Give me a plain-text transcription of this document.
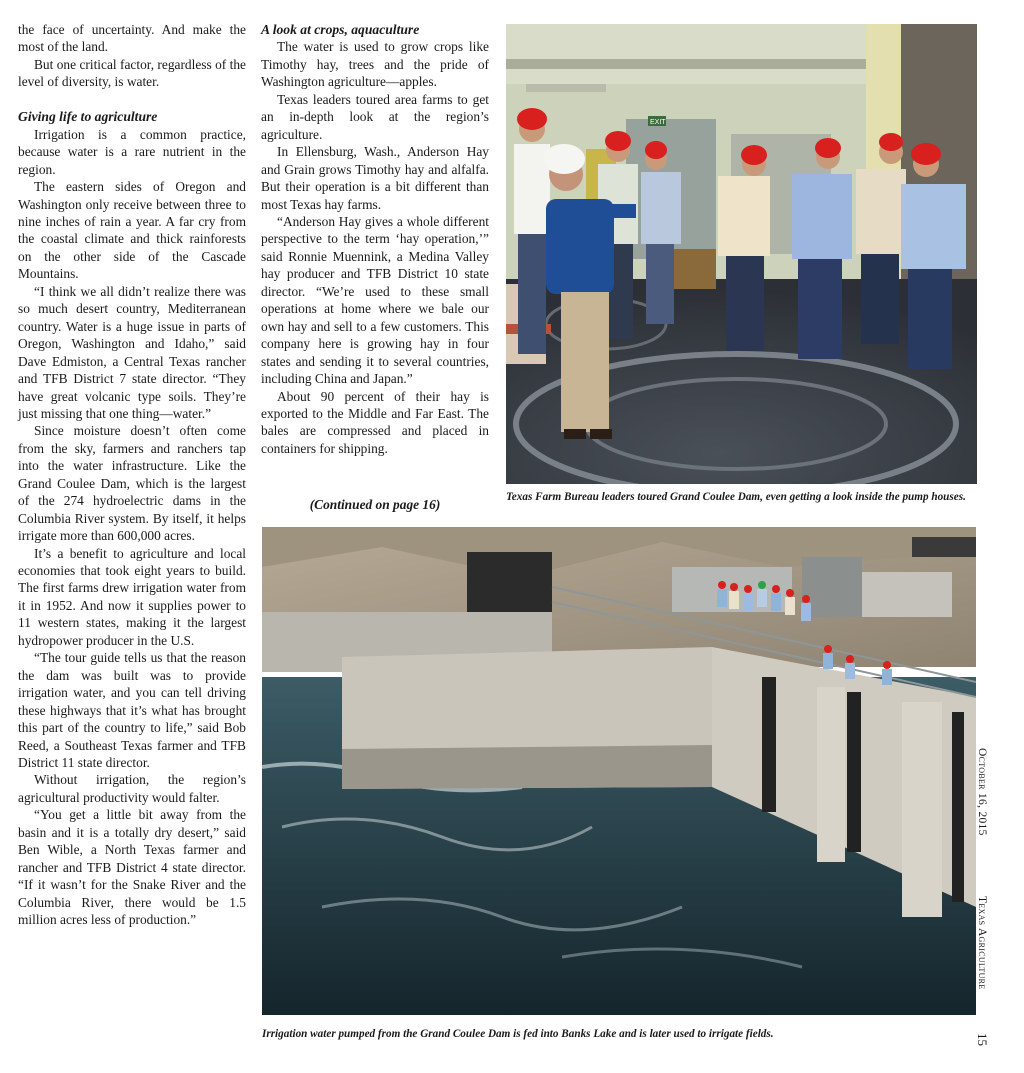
the face of uncertainty. And make the most of the land.

But one critical factor, regardless of the level of diversity, is water.

Giving life to agriculture

Irrigation is a common practice, because water is a rare nutrient in the region.

The eastern sides of Oregon and Washington only receive between three to nine inches of rain a year. A far cry from the coastal climate and thick rainforests on the other side of the Cascade Mountains.

“I think we all didn’t realize there was so much desert country, Mediterranean country. Water is a huge issue in parts of Oregon, Washington and Idaho,” said Dave Edmiston, a Central Texas rancher and TFB District 7 state director. “They have great volcanic type soils. They’re just missing that one thing—water.”

Since moisture doesn’t often come from the sky, farmers and ranchers tap into the water infrastructure. Like the Grand Coulee Dam, which is the largest of the 274 hydroelectric dams in the Columbia River system. By itself, it helps irrigate more than 600,000 acres.

It’s a benefit to agriculture and local economies that took eight years to build. The first farms drew irrigation water from it in 1952. And now it supplies power to 11 western states, making it the largest hydropower producer in the U.S.

“The tour guide tells us that the reason the dam was built was to provide irrigation water, and you can tell driving these highways that it’s what has brought this part of the country to life,” said Bob Reed, a Southeast Texas farmer and TFB District 11 state director.

Without irrigation, the region’s agricultural productivity would falter.

“You get a little bit away from the basin and it is a totally dry desert,” said Ben Wible, a North Texas farmer and rancher and TFB District 4 state director. “If it wasn’t for the Snake River and the Columbia River, there would be 1.5 million acres less of production.”

A look at crops, aquaculture

The water is used to grow crops like Timothy hay, trees and the pride of Washington agriculture—apples.

Texas leaders toured area farms to get an in-depth look at the region’s agriculture.

In Ellensburg, Wash., Anderson Hay and Grain grows Timothy hay and alfalfa. But their operation is a bit different than most Texas hay farms.

“Anderson Hay gives a whole different perspective to the term ‘hay operation,’” said Ronnie Muennink, a Medina Valley hay producer and TFB District 10 state director. “We’re used to these small operations at home where we bale our own hay and sell to a few customers. This company here is growing hay in four states and sending it to several countries, including China and Japan.”

About 90 percent of their hay is exported to the Middle and Far East. The bales are compressed and placed in containers for shipping.

(Continued on page 16)
EXIT
Texas Farm Bureau leaders toured Grand Coulee Dam, even getting a look inside the pump houses.
Irrigation water pumped from the Grand Coulee Dam is fed into Banks Lake and is later used to irrigate fields.
October 16, 2015
Texas Agriculture
15
